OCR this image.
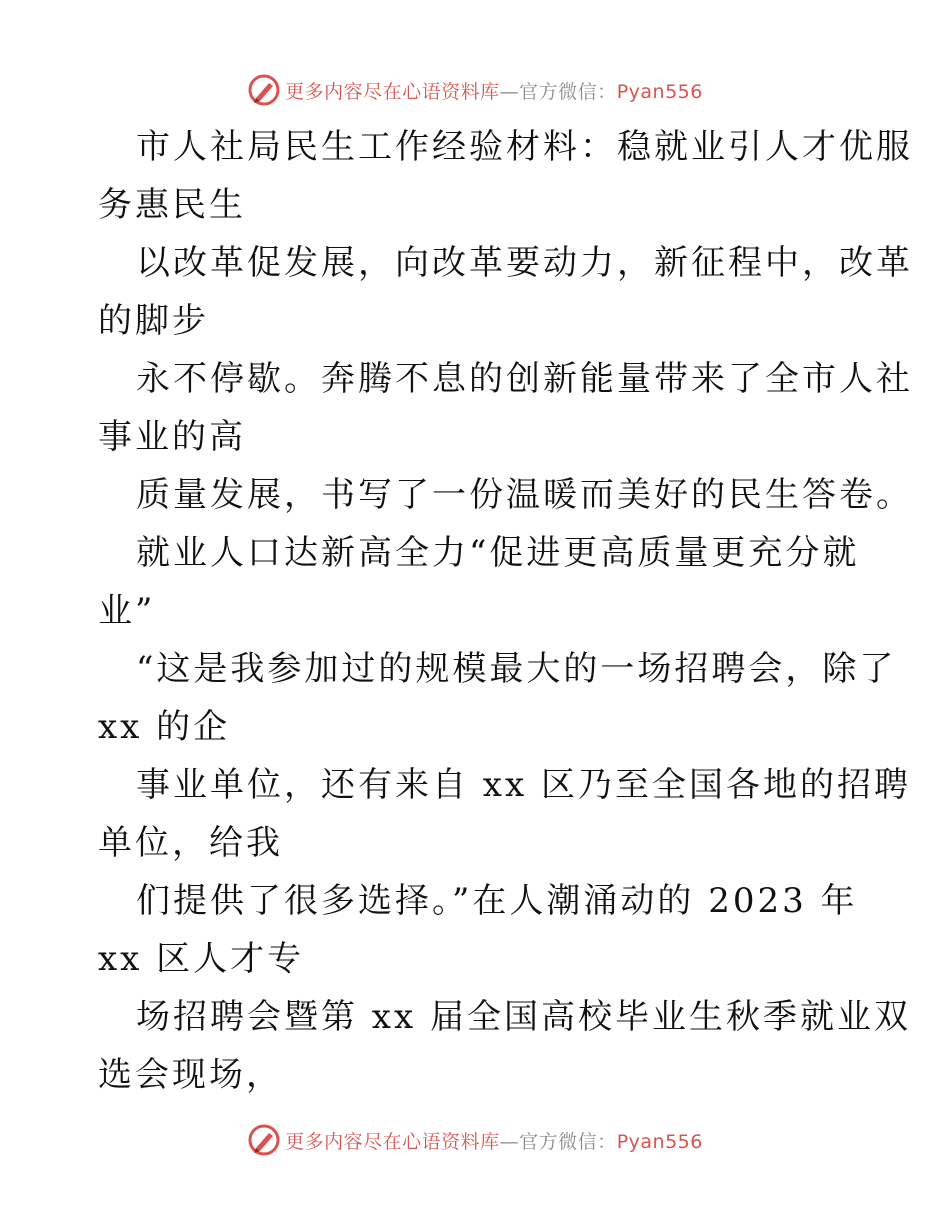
更多内容尽在心语资料库—官方微信：Pyan556
市人社局民生工作经验材料：稳就业引人才优服
务惠民生
以改革促发展，向改革要动力，新征程中，改革
的脚步
永不停歇。奔腾不息的创新能量带来了全市人社
事业的高
质量发展，书写了一份温暖而美好的民生答卷。
就业人口达新高全力“促进更高质量更充分就
业”
“这是我参加过的规模最大的一场招聘会，除了
xx 的企
事业单位，还有来自 xx 区乃至全国各地的招聘
单位，给我
们提供了很多选择。”在人潮涌动的 2023 年
xx 区人才专
场招聘会暨第 xx 届全国高校毕业生秋季就业双
选会现场，
更多内容尽在心语资料库—官方微信：Pyan556
